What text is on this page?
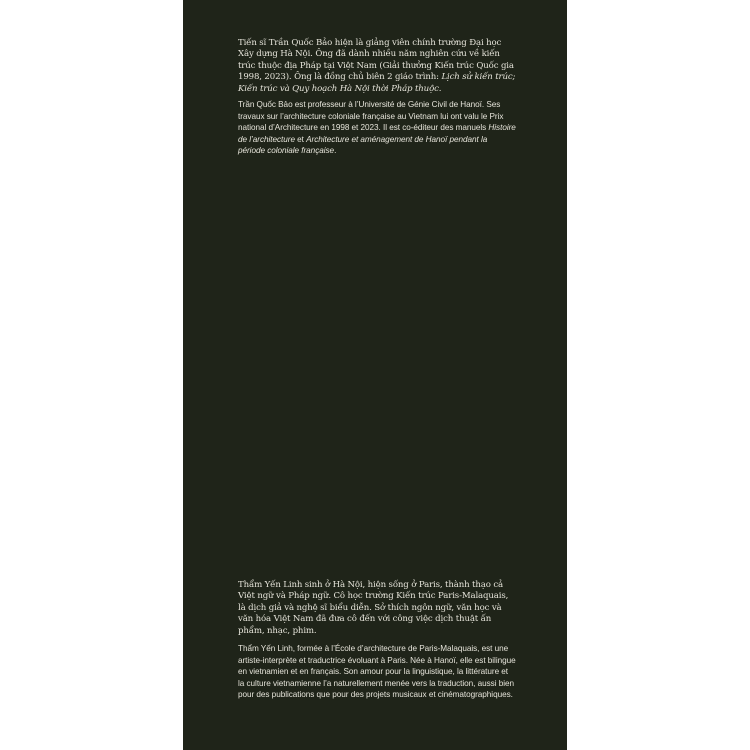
Tiến sĩ Trần Quốc Bảo hiện là giảng viên chính trường Đại học Xây dựng Hà Nội. Ông đã dành nhiều năm nghiên cứu về kiến trúc thuộc địa Pháp tại Việt Nam (Giải thưởng Kiến trúc Quốc gia 1998, 2023). Ông là đồng chủ biên 2 giáo trình: Lịch sử kiến trúc; Kiến trúc và Quy hoạch Hà Nội thời Pháp thuộc.

Trần Quốc Bảo est professeur à l’Université de Génie Civil de Hanoï. Ses travaux sur l’architecture coloniale française au Vietnam lui ont valu le Prix national d’Architecture en 1998 et 2023. Il est co-éditeur des manuels Histoire de l’architecture et Architecture et aménagement de Hanoï pendant la période coloniale française.

Thẩm Yến Linh sinh ở Hà Nội, hiện sống ở Paris, thành thạo cả Việt ngữ và Pháp ngữ. Cô học trường Kiến trúc Paris-Malaquais, là dịch giả và nghệ sĩ biểu diễn. Sở thích ngôn ngữ, văn học và văn hóa Việt Nam đã đưa cô đến với công việc dịch thuật ấn phẩm, nhạc, phim.

Thẩm Yến Linh, formée à l’École d’architecture de Paris-Malaquais, est une artiste-interprète et traductrice évoluant à Paris. Née à Hanoï, elle est bilingue en vietnamien et en français. Son amour pour la linguistique, la littérature et la culture vietnamienne l’a naturellement menée vers la traduction, aussi bien pour des publications que pour des projets musicaux et cinématographiques.
